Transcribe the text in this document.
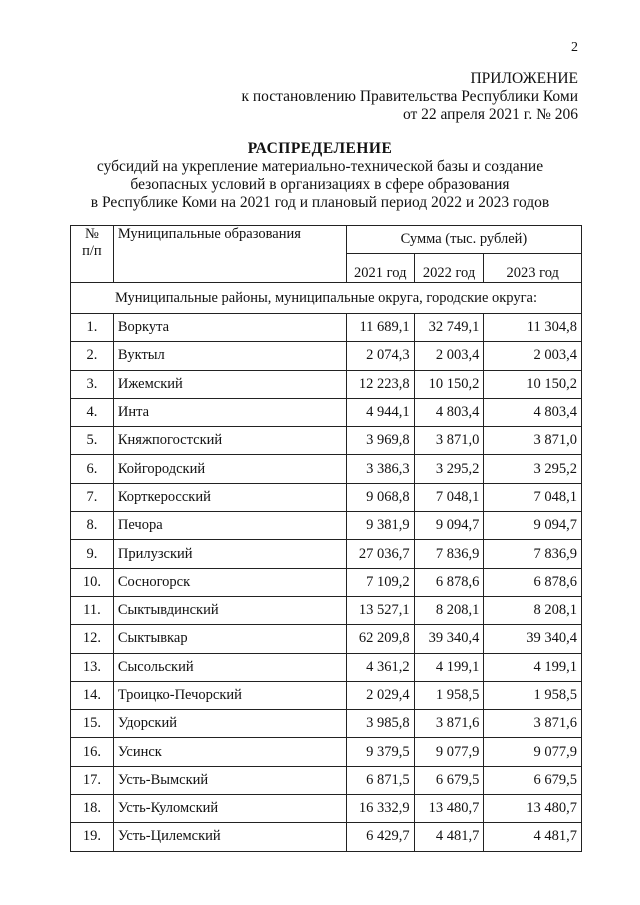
2
ПРИЛОЖЕНИЕ
к постановлению Правительства Республики Коми
от 22 апреля 2021 г. № 206
РАСПРЕДЕЛЕНИЕ
субсидий на укрепление материально-технической базы и создание
безопасных условий в организациях в сфере образования
в Республике Коми на 2021 год и плановый период 2022 и 2023 годов
№
п/п	Муниципальные образования	Сумма (тыс. рублей)		
		2021 год	2022 год	2023 год
Муниципальные районы, муниципальные округа, городские округа:				
1.	Воркута	11 689,1	32 749,1	11 304,8
2.	Вуктыл	2 074,3	2 003,4	2 003,4
3.	Ижемский	12 223,8	10 150,2	10 150,2
4.	Инта	4 944,1	4 803,4	4 803,4
5.	Княжпогостский	3 969,8	3 871,0	3 871,0
6.	Койгородский	3 386,3	3 295,2	3 295,2
7.	Корткеросский	9 068,8	7 048,1	7 048,1
8.	Печора	9 381,9	9 094,7	9 094,7
9.	Прилузский	27 036,7	7 836,9	7 836,9
10.	Сосногорск	7 109,2	6 878,6	6 878,6
11.	Сыктывдинский	13 527,1	8 208,1	8 208,1
12.	Сыктывкар	62 209,8	39 340,4	39 340,4
13.	Сысольский	4 361,2	4 199,1	4 199,1
14.	Троицко-Печорский	2 029,4	1 958,5	1 958,5
15.	Удорский	3 985,8	3 871,6	3 871,6
16.	Усинск	9 379,5	9 077,9	9 077,9
17.	Усть-Вымский	6 871,5	6 679,5	6 679,5
18.	Усть-Куломский	16 332,9	13 480,7	13 480,7
19.	Усть-Цилемский	6 429,7	4 481,7	4 481,7
